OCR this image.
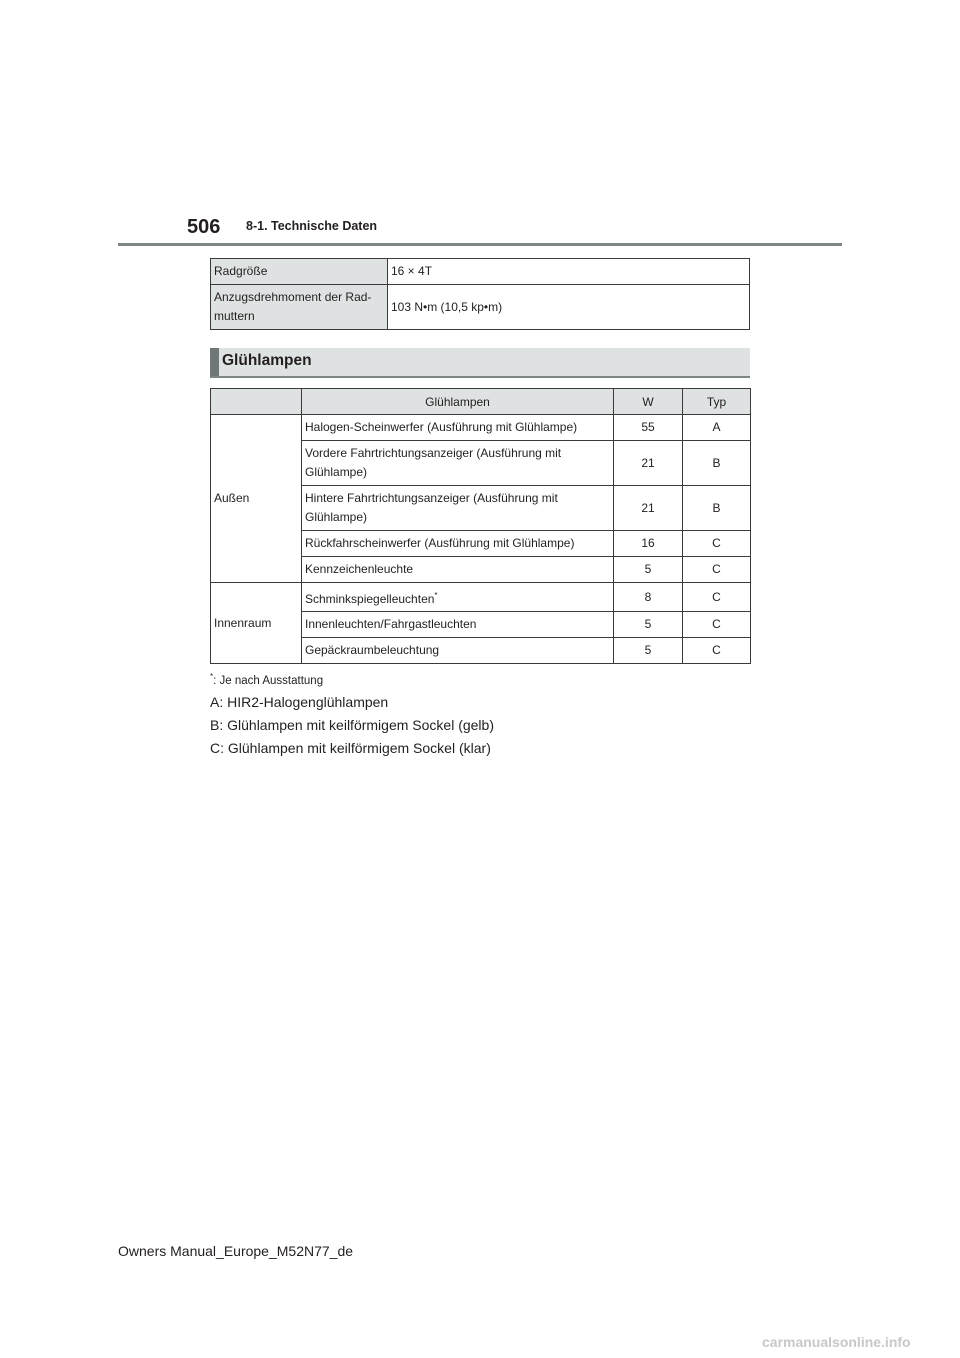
506 8-1. Technische Daten
Radgröße	16 × 4T
Anzugsdrehmoment der Rad-muttern	103 N•m (10,5 kp•m)
Glühlampen
	Glühlampen	W	Typ
Außen	Halogen-Scheinwerfer (Ausführung mit Glühlampe)	55	A
	Vordere Fahrtrichtungsanzeiger (Ausführung mit Glühlampe)	21	B
	Hintere Fahrtrichtungsanzeiger (Ausführung mit Glühlampe)	21	B
	Rückfahrscheinwerfer (Ausführung mit Glühlampe)	16	C
	Kennzeichenleuchte	5	C
Innenraum	Schminkspiegelleuchten*	8	C
	Innenleuchten/Fahrgastleuchten	5	C
	Gepäckraumbeleuchtung	5	C
*: Je nach Ausstattung
A: HIR2-Halogenglühlampen
B: Glühlampen mit keilförmigem Sockel (gelb)
C: Glühlampen mit keilförmigem Sockel (klar)
Owners Manual_Europe_M52N77_de
carmanualsonline.info
